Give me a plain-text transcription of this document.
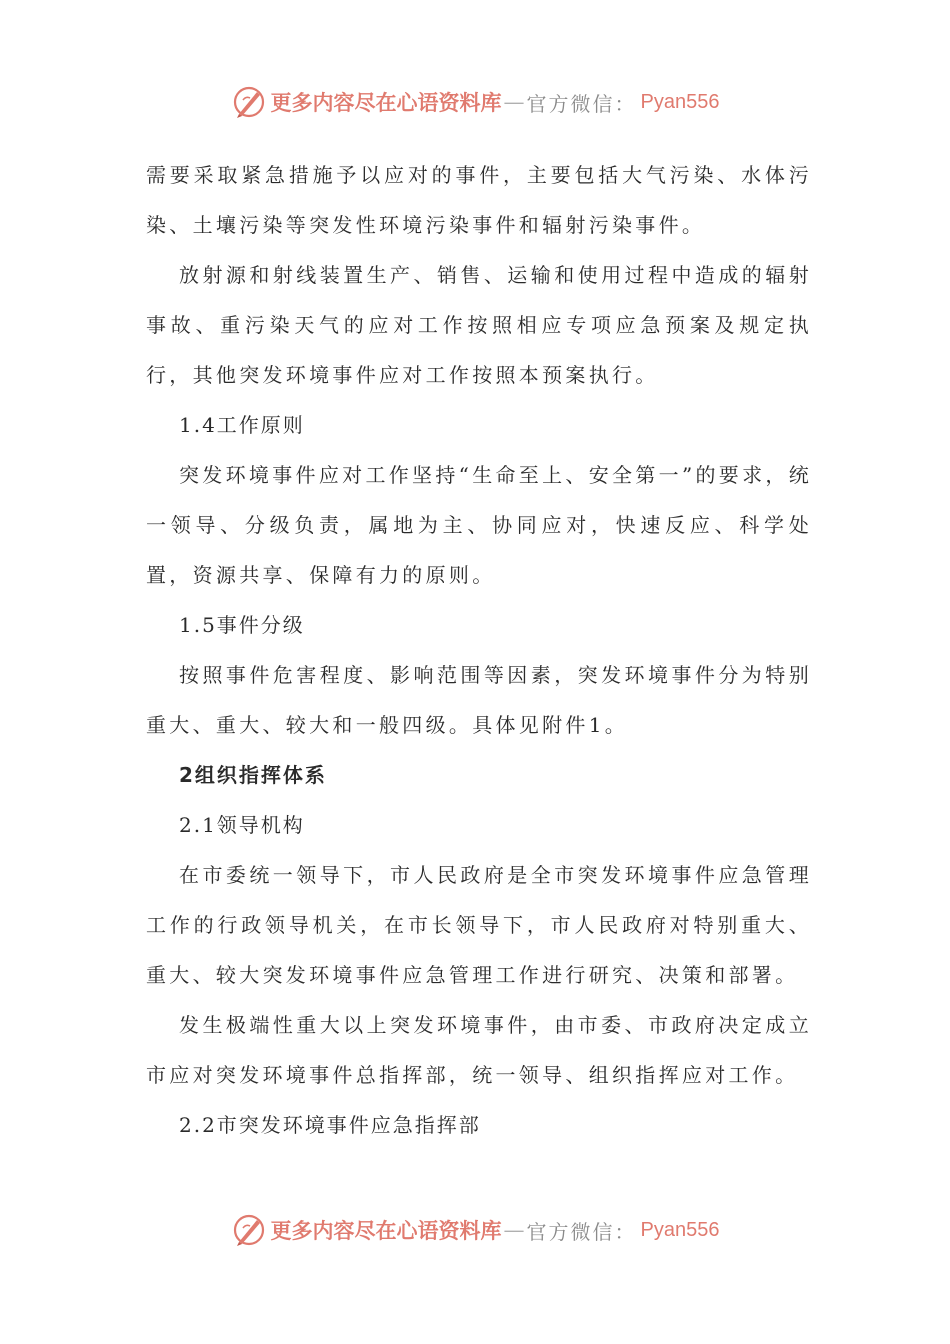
更多内容尽在心语资料库 — 官方微信： Pyan556

需要采取紧急措施予以应对的事件，主要包括大气污染、水体污染、土壤污染等突发性环境污染事件和辐射污染事件。

放射源和射线装置生产、销售、运输和使用过程中造成的辐射事故、重污染天气的应对工作按照相应专项应急预案及规定执行，其他突发环境事件应对工作按照本预案执行。

1.4工作原则

突发环境事件应对工作坚持“生命至上、安全第一”的要求，统一领导、分级负责，属地为主、协同应对，快速反应、科学处置，资源共享、保障有力的原则。

1.5事件分级

按照事件危害程度、影响范围等因素，突发环境事件分为特别重大、重大、较大和一般四级。具体见附件1。

2组织指挥体系

2.1领导机构

在市委统一领导下，市人民政府是全市突发环境事件应急管理工作的行政领导机关，在市长领导下，市人民政府对特别重大、重大、较大突发环境事件应急管理工作进行研究、决策和部署。

发生极端性重大以上突发环境事件，由市委、市政府决定成立市应对突发环境事件总指挥部，统一领导、组织指挥应对工作。

2.2市突发环境事件应急指挥部

更多内容尽在心语资料库 — 官方微信： Pyan556
